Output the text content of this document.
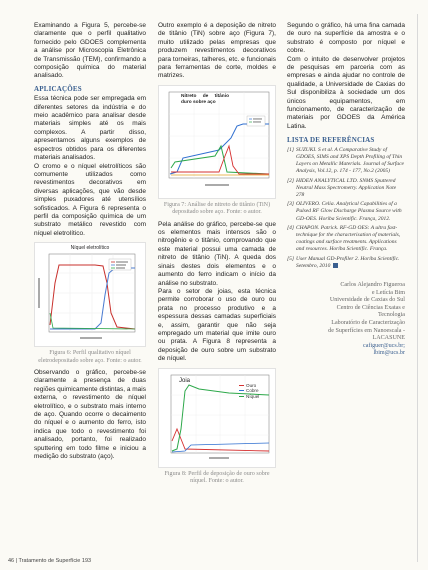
Examinando a Figura 5, percebe-se claramente que o perfil qualitativo fornecido pelo GDOES complementa a análise por Microscopia Eletrônica de Transmissão (TEM), confirmando a composição química do material analisado.

APLICAÇÕES

Essa técnica pode ser empregada em diferentes setores da indústria e do meio acadêmico para analisar desde materiais simples até os mais complexos. A partir disso, apresentamos alguns exemplos de espectros obtidos para os diferentes materiais analisados.

O cromo e o níquel eletrolíticos são comumente utilizados como revestimentos decorativos em diversas aplicações, que vão desde simples puxadores até utensílios sofisticados. A Figura 6 representa o perfil da composição química de um substrato metálico revestido com níquel eletrolítico.

Níquel eletrolítico
Figura 6: Perfil qualitativo níquel eletrodepositado sobre aço. Fonte: o autor.

Observando o gráfico, percebe-se claramente a presença de duas regiões quimicamente distintas, a mais externa, o revestimento de níquel eletrolítico, e o substrato mais interno de aço. Quando ocorre o decaimento do níquel e o aumento do ferro, isto indica que todo o revestimento foi analisado, portanto, foi realizado sputtering em todo filme e iniciou a medição do substrato (aço).

Outro exemplo é a deposição de nitreto de titânio (TiN) sobre aço (Figura 7), muito utilizado pelas empresas que produzem revestimentos decorativos para torneiras, talheres, etc. e funcionais para ferramentas de corte, moldes e matrizes.

Nitreto de titânio duro sobre aço
Figura 7: Análise de nitreto de titânio (TiN) depositado sobre aço. Fonte: o autor.

Pela análise do gráfico, percebe-se que os elementos mais intensos são o nitrogênio e o titânio, comprovando que este material possui uma camada de nitreto de titânio (TiN). A queda dos sinais destes dois elementos e o aumento do ferro indicam o início da análise no substrato.

Para o setor de joias, esta técnica permite corroborar o uso de ouro ou prata no processo produtivo e a espessura dessas camadas superficiais e, assim, garantir que não seja empregado um material que imite ouro ou prata. A Figura 8 representa a deposição de ouro sobre um substrato de níquel.

Joia
Ouro
Cobre
Níquel
Figura 8: Perfil de deposição de ouro sobre níquel. Fonte: o autor.

Segundo o gráfico, há uma fina camada de ouro na superfície da amostra e o substrato é composto por níquel e cobre.

Com o intuito de desenvolver projetos de pesquisas em parceria com as empresas e ainda ajudar no controle de qualidade, a Universidade de Caxias do Sul disponibiliza à sociedade um dos únicos equipamentos, em funcionamento, de caracterização de materiais por GDOES da América Latina.

LISTA DE REFERÊNCIAS
[1] SUZUKI. S et al. A Comparative Study of GDOES, SIMS and XPS Depth Profiling of Thin Layers on Metallic Materials. Journal of Surface Analysis, Vol.12, p. 174 - 177, No.2 (2005)
[2] HIDEN ANALYTICAL LTD. SNMS Sputtered Neutral Mass Spectrometry. Application Note 278
[3] OLIVERO. Celia. Analytical Capabilities of a Pulsed RF Glow Discharge Plasma Source with GD-OES. Horiba Scientific. França, 2012.
[4] CHAPON. Patrick. RF-GD OES: A ultra fast-technique for the characterisation of materials, coatings and surface treatments. Applications and resources. Horiba Scientific. França.
[5] User Manual GD-Profiler 2. Horiba Scientific. Setembro, 2010
Carlos Alejandro Figueroa
e Letícia Bim
Universidade de Caxias do Sul
Centro de Ciências Exatas e
Tecnologia
Laboratório de Caracterização
de Superfícies em Nanoescala -
LACASUNE
cafiguer@ucs.br;
lbim@ucs.br
46 | Tratamento de Superfície 193
